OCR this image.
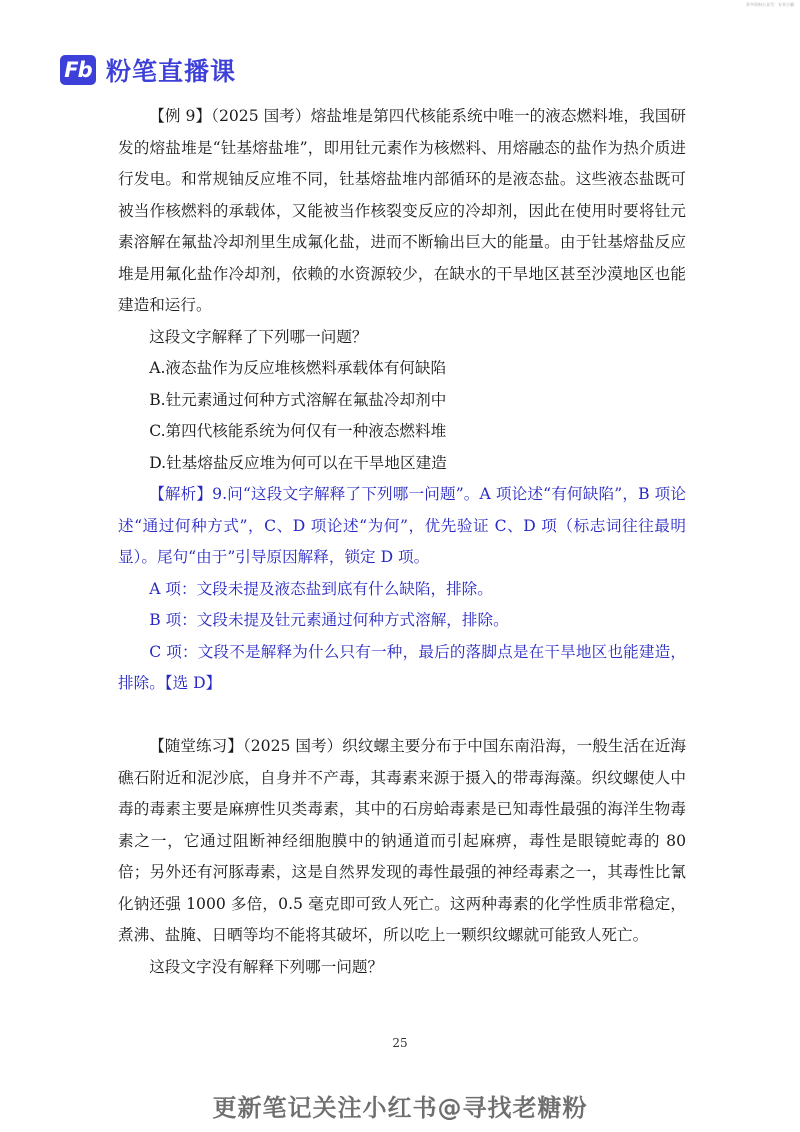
更多资料公众号：专业小猫
Fb 粉笔直播课

【例 9】（2025 国考）熔盐堆是第四代核能系统中唯一的液态燃料堆，我国研发的熔盐堆是“钍基熔盐堆”，即用钍元素作为核燃料、用熔融态的盐作为热介质进行发电。和常规铀反应堆不同，钍基熔盐堆内部循环的是液态盐。这些液态盐既可被当作核燃料的承载体，又能被当作核裂变反应的冷却剂，因此在使用时要将钍元素溶解在氟盐冷却剂里生成氟化盐，进而不断输出巨大的能量。由于钍基熔盐反应堆是用氟化盐作冷却剂，依赖的水资源较少，在缺水的干旱地区甚至沙漠地区也能建造和运行。

这段文字解释了下列哪一问题？

A.液态盐作为反应堆核燃料承载体有何缺陷

B.钍元素通过何种方式溶解在氟盐冷却剂中

C.第四代核能系统为何仅有一种液态燃料堆

D.钍基熔盐反应堆为何可以在干旱地区建造

【解析】9.问“这段文字解释了下列哪一问题”。A 项论述“有何缺陷”，B 项论述“通过何种方式”，C、D 项论述“为何”，优先验证 C、D 项（标志词往往最明显）。尾句“由于”引导原因解释，锁定 D 项。

A 项：文段未提及液态盐到底有什么缺陷，排除。

B 项：文段未提及钍元素通过何种方式溶解，排除。

C 项：文段不是解释为什么只有一种，最后的落脚点是在干旱地区也能建造，排除。【选 D】

【随堂练习】（2025 国考）织纹螺主要分布于中国东南沿海，一般生活在近海礁石附近和泥沙底，自身并不产毒，其毒素来源于摄入的带毒海藻。织纹螺使人中毒的毒素主要是麻痹性贝类毒素，其中的石房蛤毒素是已知毒性最强的海洋生物毒素之一，它通过阻断神经细胞膜中的钠通道而引起麻痹，毒性是眼镜蛇毒的 80 倍；另外还有河豚毒素，这是自然界发现的毒性最强的神经毒素之一，其毒性比氰化钠还强 1000 多倍，0.5 毫克即可致人死亡。这两种毒素的化学性质非常稳定，煮沸、盐腌、日晒等均不能将其破坏，所以吃上一颗织纹螺就可能致人死亡。

这段文字没有解释下列哪一问题？

25
更新笔记关注小红书@寻找老糖粉
